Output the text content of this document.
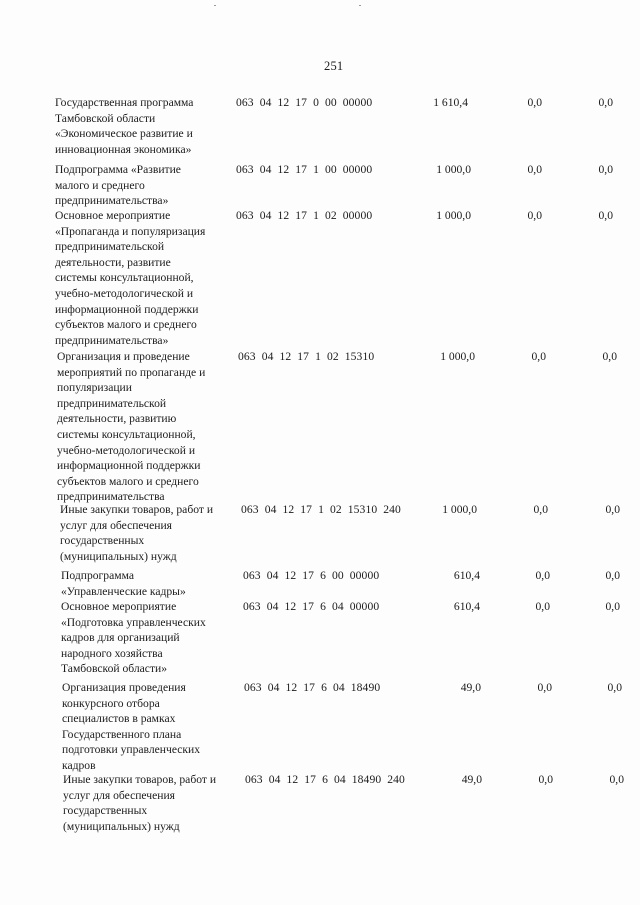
251
Государственная программа
Тамбовской области
«Экономическое развитие и
инновационная экономика»
063 04 12 17 0 00 00000	1 610,4	0,0	0,0
Подпрограмма «Развитие
малого и среднего
предпринимательства»
063 04 12 17 1 00 00000	1 000,0	0,0	0,0
Основное мероприятие
«Пропаганда и популяризация
предпринимательской
деятельности, развитие
системы консультационной,
учебно-методологической и
информационной поддержки
субъектов малого и среднего
предпринимательства»
063 04 12 17 1 02 00000	1 000,0	0,0	0,0
Организация и проведение
мероприятий по пропаганде и
популяризации
предпринимательской
деятельности, развитию
системы консультационной,
учебно-методологической и
информационной поддержки
субъектов малого и среднего
предпринимательства
063 04 12 17 1 02 15310	1 000,0	0,0	0,0
Иные закупки товаров, работ и
услуг для обеспечения
государственных
(муниципальных) нужд
063 04 12 17 1 02 15310 240	1 000,0	0,0	0,0
Подпрограмма
«Управленческие кадры»
063 04 12 17 6 00 00000	610,4	0,0	0,0
Основное мероприятие
«Подготовка управленческих
кадров для организаций
народного хозяйства
Тамбовской области»
063 04 12 17 6 04 00000	610,4	0,0	0,0
Организация проведения
конкурсного отбора
специалистов в рамках
Государственного плана
подготовки управленческих
кадров
063 04 12 17 6 04 18490	49,0	0,0	0,0
Иные закупки товаров, работ и
услуг для обеспечения
государственных
(муниципальных) нужд
063 04 12 17 6 04 18490 240	49,0	0,0	0,0
